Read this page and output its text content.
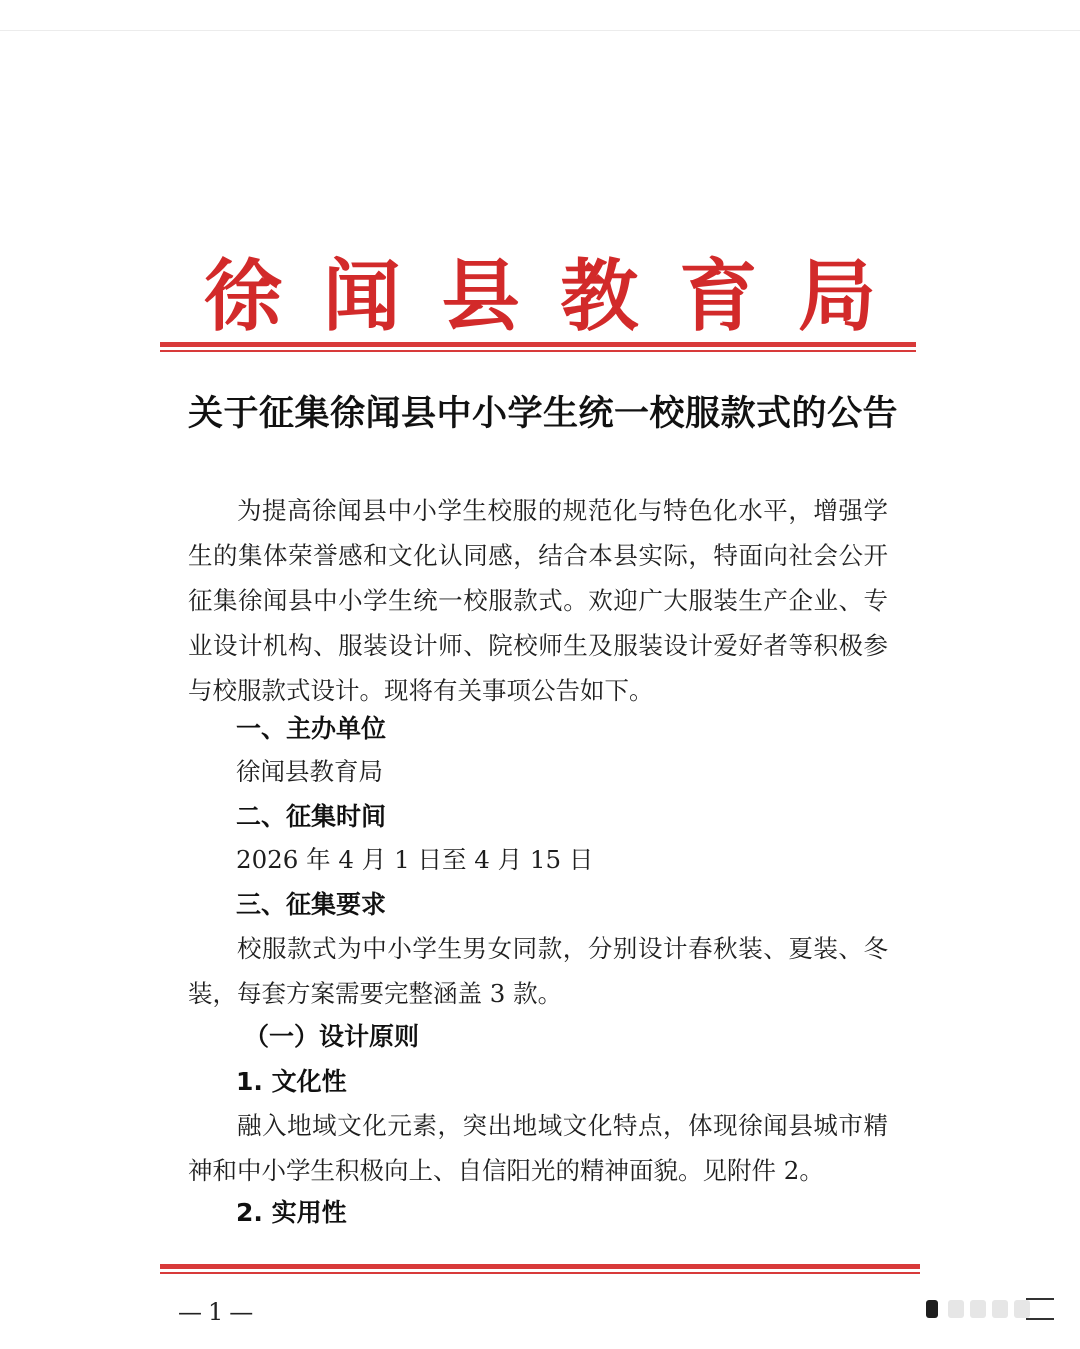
徐 闻 县 教 育 局
关于征集徐闻县中小学生统一校服款式的公告

为提高徐闻县中小学生校服的规范化与特色化水平，增强学生的集体荣誉感和文化认同感，结合本县实际，特面向社会公开征集徐闻县中小学生统一校服款式。欢迎广大服装生产企业、专业设计机构、服装设计师、院校师生及服装设计爱好者等积极参与校服款式设计。现将有关事项公告如下。

一、主办单位
徐闻县教育局
二、征集时间
2026 年 4 月 1 日至 4 月 15 日
三、征集要求

校服款式为中小学生男女同款，分别设计春秋装、夏装、冬装，每套方案需要完整涵盖 3 款。

（一）设计原则
1. 文化性

融入地域文化元素，突出地域文化特点，体现徐闻县城市精神和中小学生积极向上、自信阳光的精神面貌。见附件 2。

2. 实用性
—1—
